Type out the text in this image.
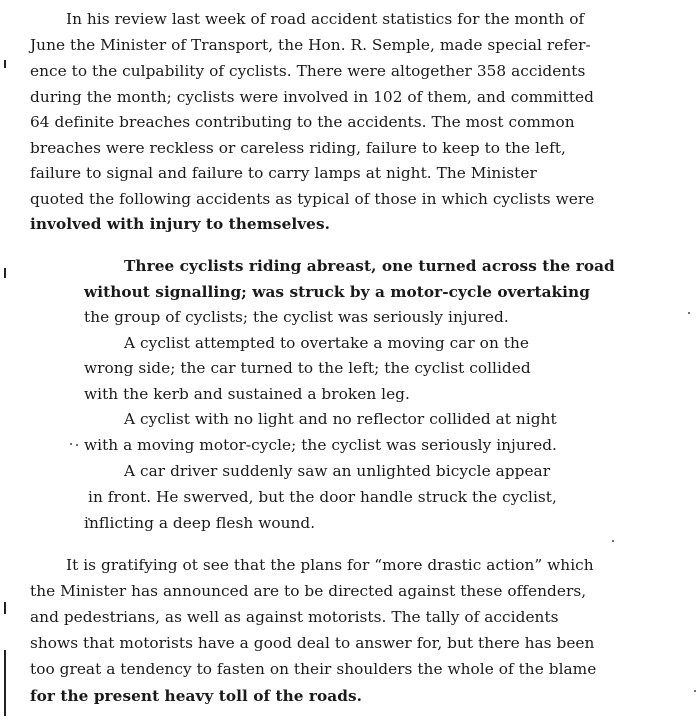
In his review last week of road accident statistics for the month of
June the Minister of Transport, the Hon. R. Semple, made special refer-
ence to the culpability of cyclists. There were altogether 358 accidents
during the month; cyclists were involved in 102 of them, and committed
64 definite breaches contributing to the accidents. The most common
breaches were reckless or careless riding, failure to keep to the left,
failure to signal and failure to carry lamps at night. The Minister
quoted the following accidents as typical of those in which cyclists were
involved with injury to themselves.
Three cyclists riding abreast, one turned across the road
without signalling; was struck by a motor-cycle overtaking
the group of cyclists; the cyclist was seriously injured.
A cyclist attempted to overtake a moving car on the
wrong side; the car turned to the left; the cyclist collided
with the kerb and sustained a broken leg.
A cyclist with no light and no reflector collided at night
with a moving motor-cycle; the cyclist was seriously injured.
A car driver suddenly saw an unlighted bicycle appear
in front. He swerved, but the door handle struck the cyclist,
inflicting a deep flesh wound.
It is gratifying ot see that the plans for “more drastic action” which
the Minister has announced are to be directed against these offenders,
and pedestrians, as well as against motorists. The tally of accidents
shows that motorists have a good deal to answer for, but there has been
too great a tendency to fasten on their shoulders the whole of the blame
for the present heavy toll of the roads.
